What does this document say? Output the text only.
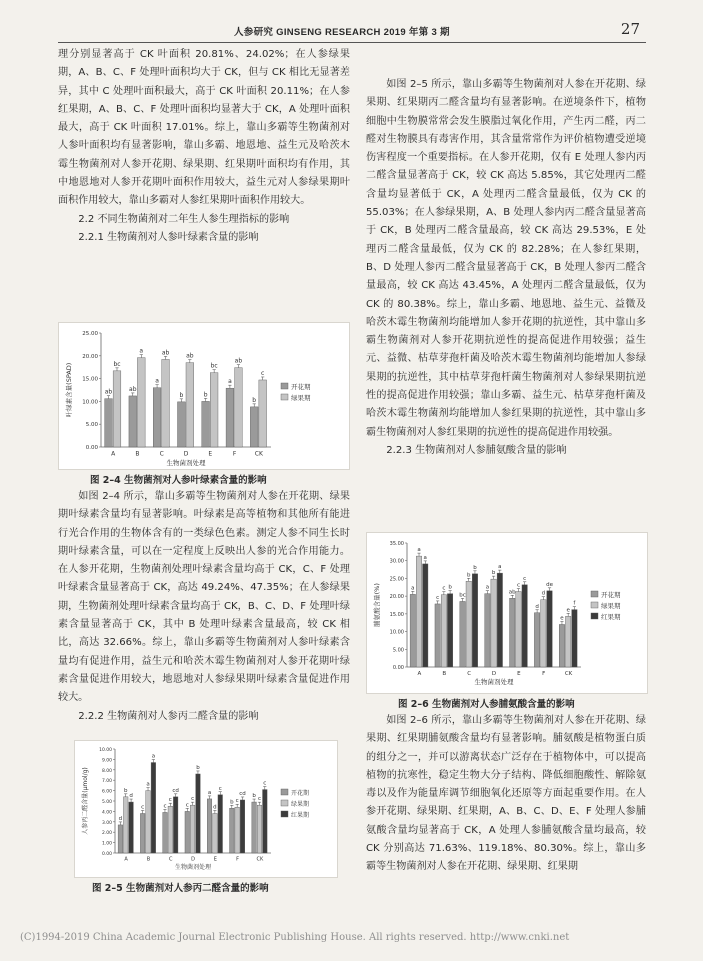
人参研究 GINSENG RESEARCH 2019 年第 3 期	27

理分别显著高于 CK 叶面积 20.81%、24.02%；在人参绿果期，A、B、C、F 处理叶面积均大于 CK，但与 CK 相比无显著差异，其中 C 处理叶面积最大，高于 CK 叶面积 20.11%；在人参红果期，A、B、C、F 处理叶面积均显著大于 CK，A 处理叶面积最大，高于 CK 叶面积 17.01%。综上，靠山多霸等生物菌剂对人参叶面积均有显著影响，靠山多霸、地恩地、益生元及哈茨木霉生物菌剂对人参开花期、绿果期、红果期叶面积均有作用，其中地恩地对人参开花期叶面积作用较大，益生元对人参绿果期叶面积作用较大，靠山多霸对人参红果期叶面积作用较大。

2.2 不同生物菌剂对二年生人参生理指标的影响

2.2.1 生物菌剂对人参叶绿素含量的影响

0.00
5.00
10.00
15.00
20.00
25.00
叶绿素含量(SPAD)	ab
bc
A
ab
a
B
a
ab
C
b
ab
D
b
bc
E
a
ab
F
b
c
CK
生物菌剂处理
开花期
绿果期
图 2–4 生物菌剂对人参叶绿素含量的影响

如图 2–4 所示，靠山多霸等生物菌剂对人参在开花期、绿果期叶绿素含量均有显著影响。叶绿素是高等植物和其他所有能进行光合作用的生物体含有的一类绿色色素。测定人参不同生长时期叶绿素含量，可以在一定程度上反映出人参的光合作用能力。在人参开花期，生物菌剂处理叶绿素含量均高于 CK，C、F 处理叶绿素含量显著高于 CK，高达 49.24%、47.35%；在人参绿果期，生物菌剂处理叶绿素含量均高于 CK，B、C、D、F 处理叶绿素含量显著高于 CK，其中 B 处理叶绿素含量最高，较 CK 相比，高达 32.66%。综上，靠山多霸等生物菌剂对人参叶绿素含量均有促进作用，益生元和哈茨木霉生物菌剂对人参开花期叶绿素含量促进作用较大，地恩地对人参绿果期叶绿素含量促进作用较大。

2.2.2 生物菌剂对人参丙二醛含量的影响

0.00
1.00
2.00
3.00
4.00
5.00
6.00
7.00
8.00
9.00
10.00
人参丙二醛含量(μmol/g)	d
b
d
A
c
a
a
B
c
c
cd
C
c
c
b
D
a
d
c
E
b c
cd
F
b
c
c
CK
生物菌剂处理
开花期
绿果期
红果期
图 2–5 生物菌剂对人参丙二醛含量的影响

如图 2–5 所示，靠山多霸等生物菌剂对人参在开花期、绿果期、红果期丙二醛含量均有显著影响。在逆境条件下，植物细胞中生物膜常常会发生膜脂过氧化作用，产生丙二醛，丙二醛对生物膜具有毒害作用，其含量常常作为评价植物遭受逆境伤害程度一个重要指标。在人参开花期，仅有 E 处理人参内丙二醛含量显著高于 CK，较 CK 高达 5.85%，其它处理丙二醛含量均显著低于 CK，A 处理丙二醛含量最低，仅为 CK 的 55.03%；在人参绿果期，A、B 处理人参内丙二醛含量显著高于 CK，B 处理丙二醛含量最高，较 CK 高达 29.53%，E 处理丙二醛含量最低，仅为 CK 的 82.28%；在人参红果期，B、D 处理人参丙二醛含量显著高于 CK，B 处理人参丙二醛含量最高，较 CK 高达 43.45%，A 处理丙二醛含量最低，仅为 CK 的 80.38%。综上，靠山多霸、地恩地、益生元、益微及哈茨木霉生物菌剂均能增加人参开花期的抗逆性，其中靠山多霸生物菌剂对人参开花期抗逆性的提高促进作用较强；益生元、益微、枯草芽孢杆菌及哈茨木霉生物菌剂均能增加人参绿果期的抗逆性，其中枯草芽孢杆菌生物菌剂对人参绿果期抗逆性的提高促进作用较强；靠山多霸、益生元、枯草芽孢杆菌及哈茨木霉生物菌剂均能增加人参红果期的抗逆性，其中靠山多霸生物菌剂对人参红果期的抗逆性的提高促进作用较强。

2.2.3 生物菌剂对人参脯氨酸含量的影响

0.00
5.00
10.00
15.00
20.00
25.00
30.00
35.00
脯氨酸含量(%)	a
a
a
A
c
c b
B
bc
b
b
C
a
b
a
D
ab
c
c
E
d
d
de
F
e
e
f
CK
生物菌剂处理
开花期
绿果期
红果期
图 2–6 生物菌剂对人参脯氨酸含量的影响

如图 2–6 所示，靠山多霸等生物菌剂对人参在开花期、绿果期、红果期脯氨酸含量均有显著影响。脯氨酸是植物蛋白质的组分之一，并可以游离状态广泛存在于植物体中，可以提高植物的抗寒性，稳定生物大分子结构、降低细胞酸性、解除氨毒以及作为能量库调节细胞氧化还原等方面起重要作用。在人参开花期、绿果期、红果期，A、B、C、D、E、F 处理人参脯氨酸含量均显著高于 CK，A 处理人参脯氨酸含量均最高，较 CK 分别高达 71.63%、119.18%、80.30%。综上，靠山多霸等生物菌剂对人参在开花期、绿果期、红果期

(C)1994-2019 China Academic Journal Electronic Publishing House. All rights reserved. http://www.cnki.net
